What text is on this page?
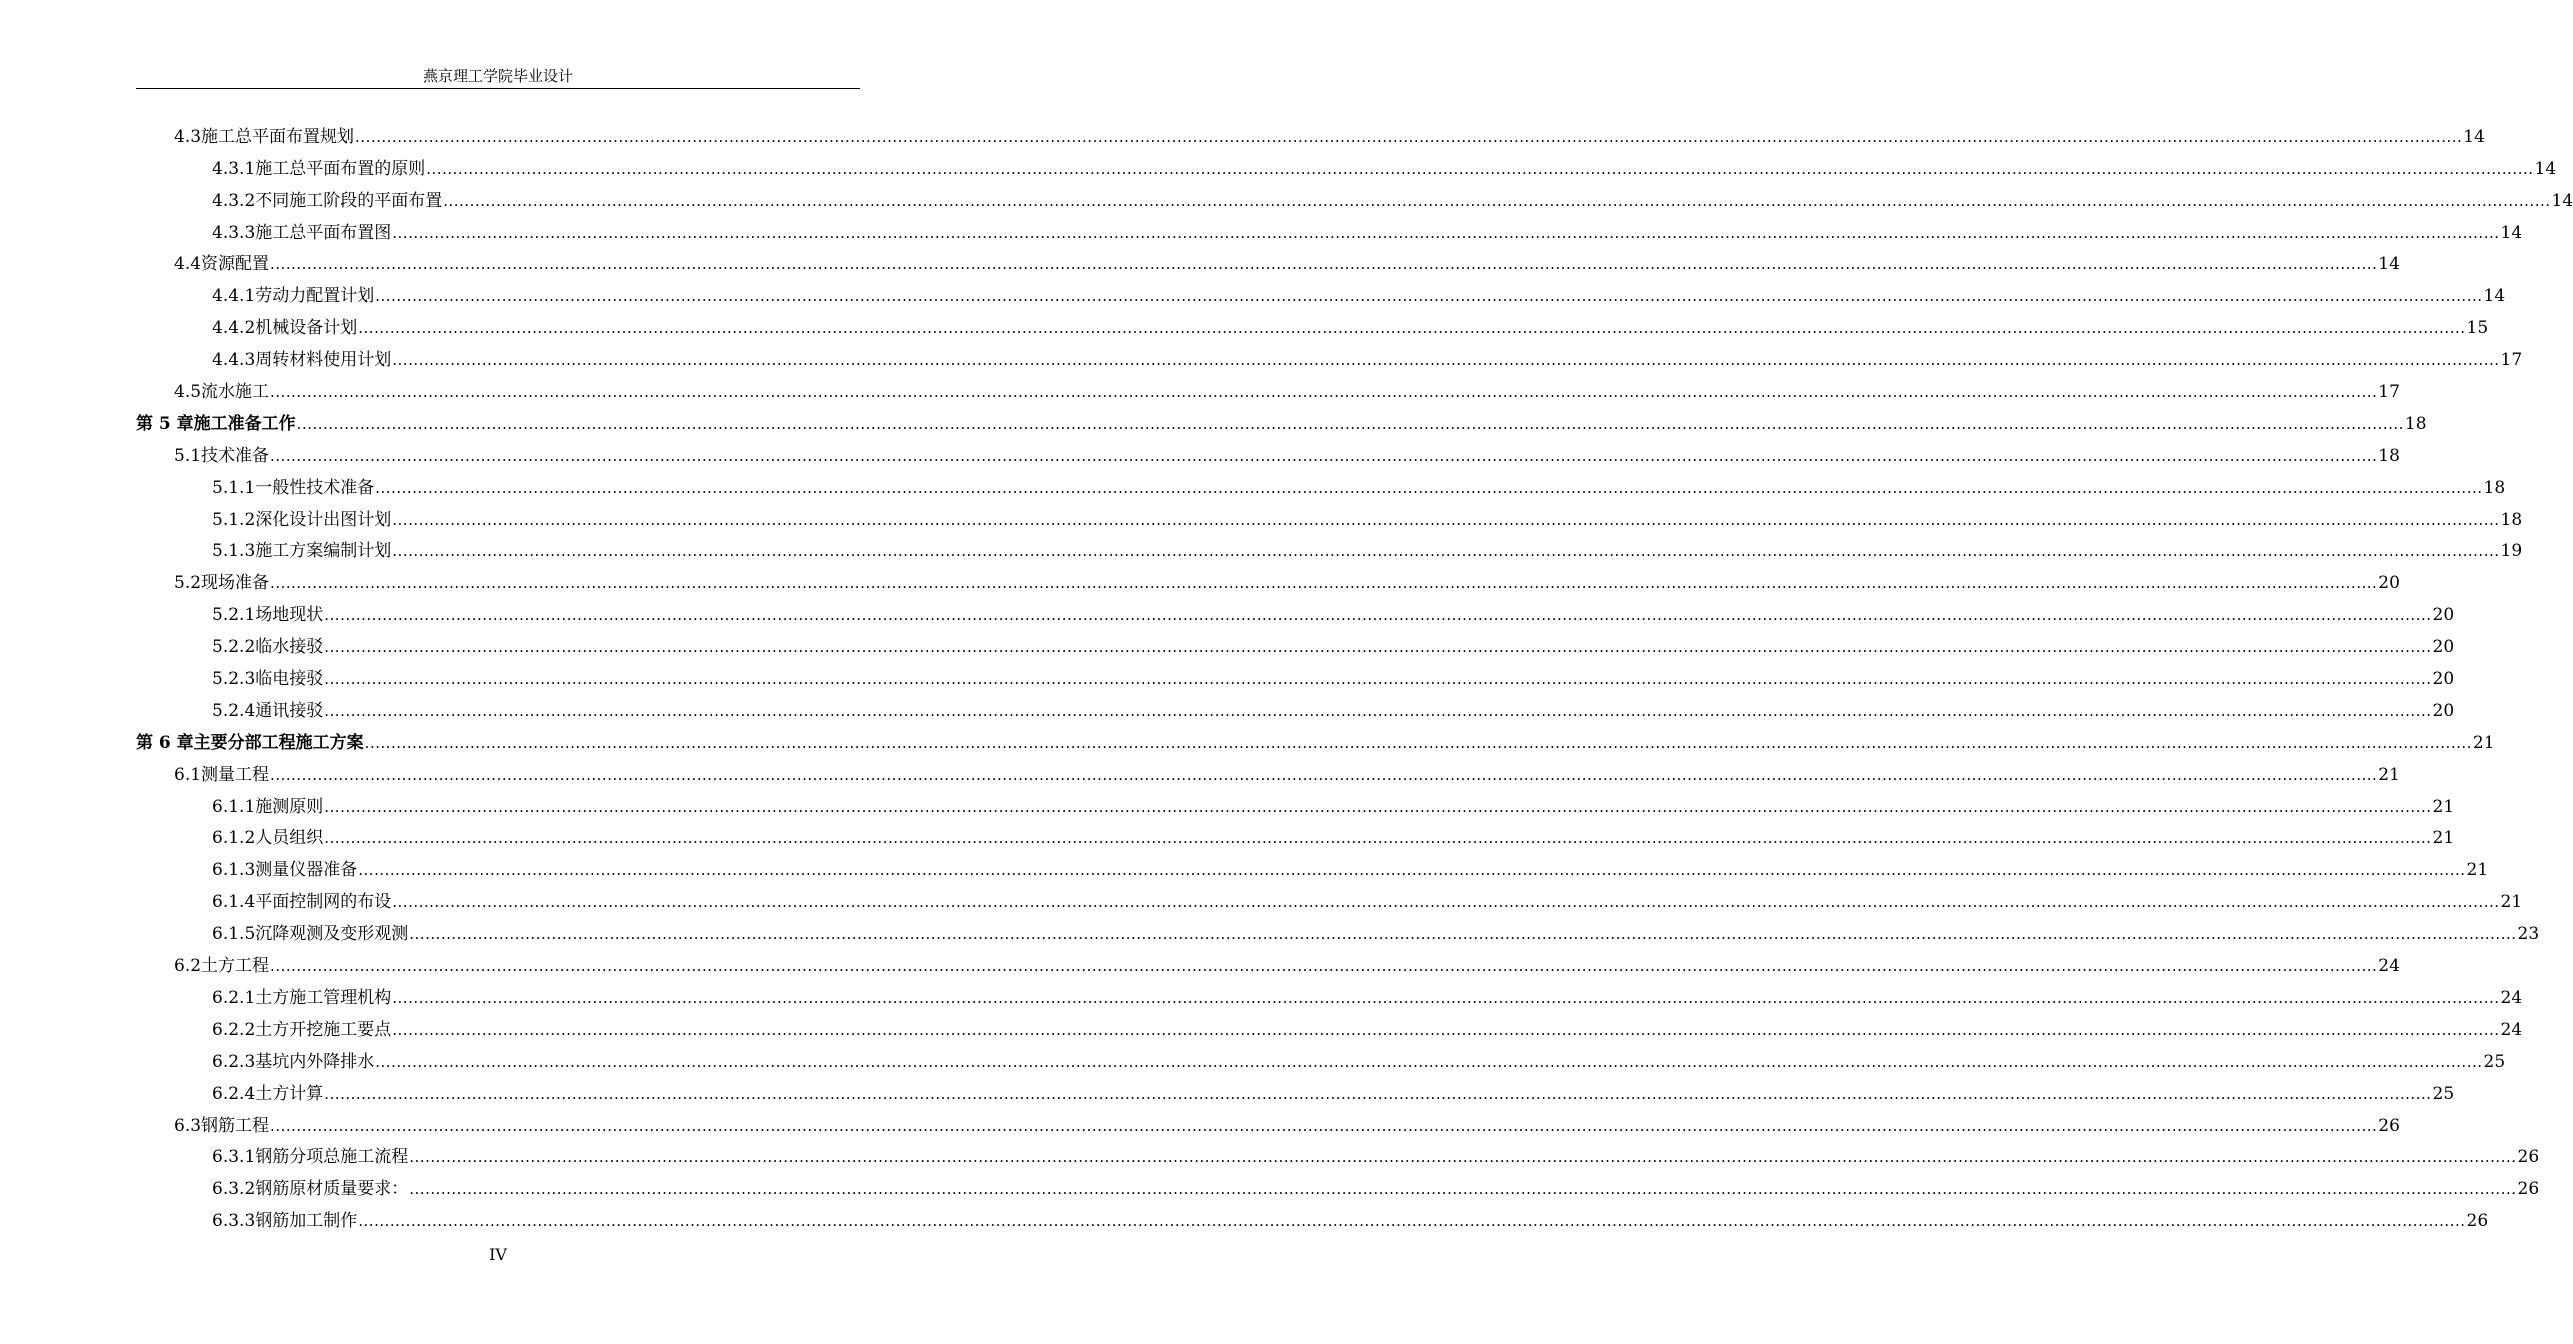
燕京理工学院毕业设计
4.3 施工总平面布置规划 ................................................................................................................................................................................................................................................................................................................................................................................................................ 14
4.3.1 施工总平面布置的原则 ................................................................................................................................................................................................................................................................................................................................................................................................................ 14
4.3.2 不同施工阶段的平面布置 ................................................................................................................................................................................................................................................................................................................................................................................................................ 14
4.3.3 施工总平面布置图 ................................................................................................................................................................................................................................................................................................................................................................................................................ 14
4.4 资源配置 ................................................................................................................................................................................................................................................................................................................................................................................................................ 14
4.4.1 劳动力配置计划 ................................................................................................................................................................................................................................................................................................................................................................................................................ 14
4.4.2 机械设备计划 ................................................................................................................................................................................................................................................................................................................................................................................................................ 15
4.4.3 周转材料使用计划 ................................................................................................................................................................................................................................................................................................................................................................................................................ 17
4.5 流水施工 ................................................................................................................................................................................................................................................................................................................................................................................................................ 17
第 5 章 施工准备工作 ................................................................................................................................................................................................................................................................................................................................................................................................................ 18
5.1 技术准备 ................................................................................................................................................................................................................................................................................................................................................................................................................ 18
5.1.1 一般性技术准备 ................................................................................................................................................................................................................................................................................................................................................................................................................ 18
5.1.2 深化设计出图计划 ................................................................................................................................................................................................................................................................................................................................................................................................................ 18
5.1.3 施工方案编制计划 ................................................................................................................................................................................................................................................................................................................................................................................................................ 19
5.2 现场准备 ................................................................................................................................................................................................................................................................................................................................................................................................................ 20
5.2.1 场地现状 ................................................................................................................................................................................................................................................................................................................................................................................................................ 20
5.2.2 临水接驳 ................................................................................................................................................................................................................................................................................................................................................................................................................ 20
5.2.3 临电接驳 ................................................................................................................................................................................................................................................................................................................................................................................................................ 20
5.2.4 通讯接驳 ................................................................................................................................................................................................................................................................................................................................................................................................................ 20
第 6 章 主要分部工程施工方案 ................................................................................................................................................................................................................................................................................................................................................................................................................ 21
6.1 测量工程 ................................................................................................................................................................................................................................................................................................................................................................................................................ 21
6.1.1 施测原则 ................................................................................................................................................................................................................................................................................................................................................................................................................ 21
6.1.2 人员组织 ................................................................................................................................................................................................................................................................................................................................................................................................................ 21
6.1.3 测量仪器准备 ................................................................................................................................................................................................................................................................................................................................................................................................................ 21
6.1.4 平面控制网的布设 ................................................................................................................................................................................................................................................................................................................................................................................................................ 21
6.1.5 沉降观测及变形观测 ................................................................................................................................................................................................................................................................................................................................................................................................................ 23
6.2 土方工程 ................................................................................................................................................................................................................................................................................................................................................................................................................ 24
6.2.1 土方施工管理机构 ................................................................................................................................................................................................................................................................................................................................................................................................................ 24
6.2.2 土方开挖施工要点 ................................................................................................................................................................................................................................................................................................................................................................................................................ 24
6.2.3 基坑内外降排水 ................................................................................................................................................................................................................................................................................................................................................................................................................ 25
6.2.4 土方计算 ................................................................................................................................................................................................................................................................................................................................................................................................................ 25
6.3 钢筋工程 ................................................................................................................................................................................................................................................................................................................................................................................................................ 26
6.3.1 钢筋分项总施工流程 ................................................................................................................................................................................................................................................................................................................................................................................................................ 26
6.3.2 钢筋原材质量要求： ................................................................................................................................................................................................................................................................................................................................................................................................................ 26
6.3.3 钢筋加工制作 ................................................................................................................................................................................................................................................................................................................................................................................................................ 26
IV
